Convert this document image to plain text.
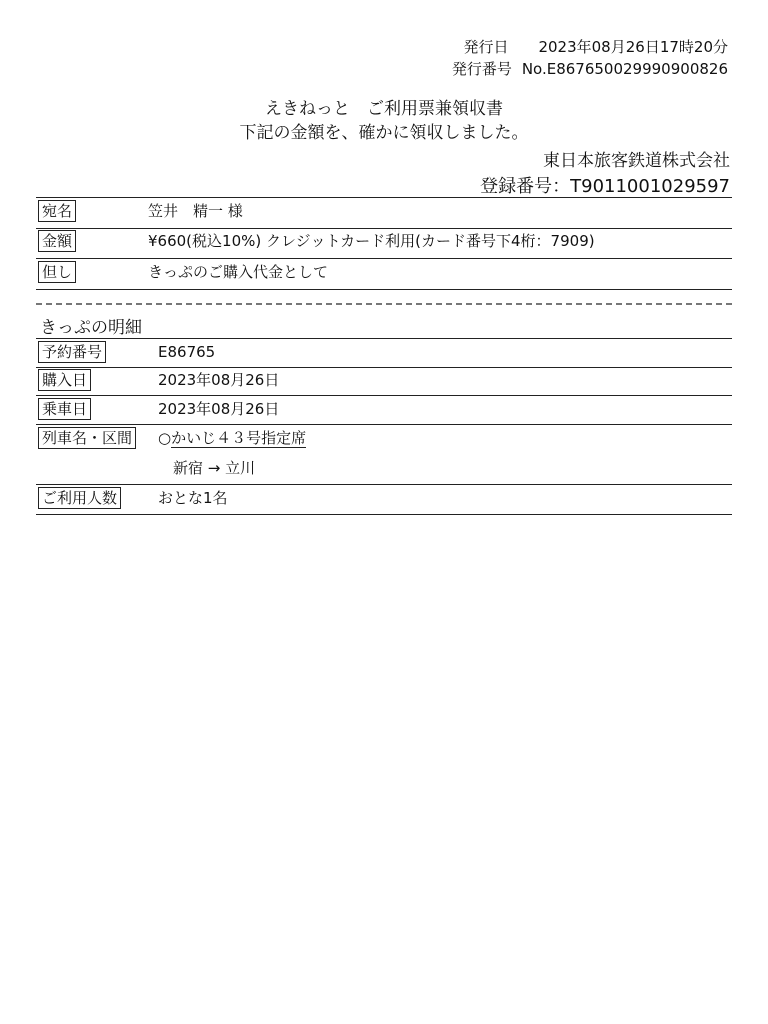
発行日 2023年08月26日17時20分
発行番号 No.E867650029990900826
えきねっと　ご利用票兼領収書
下記の金額を、確かに領収しました。
東日本旅客鉄道株式会社
登録番号：T9011001029597
宛名	笠井　精一 様
金額	¥660(税込10%) クレジットカード利用(カード番号下4桁：7909)
但し	きっぷのご購入代金として
きっぷの明細
予約番号	E86765
購入日	2023年08月26日
乗車日	2023年08月26日
列車名・区間 ○かいじ４３号指定席
新宿 → 立川
ご利用人数	おとな1名
